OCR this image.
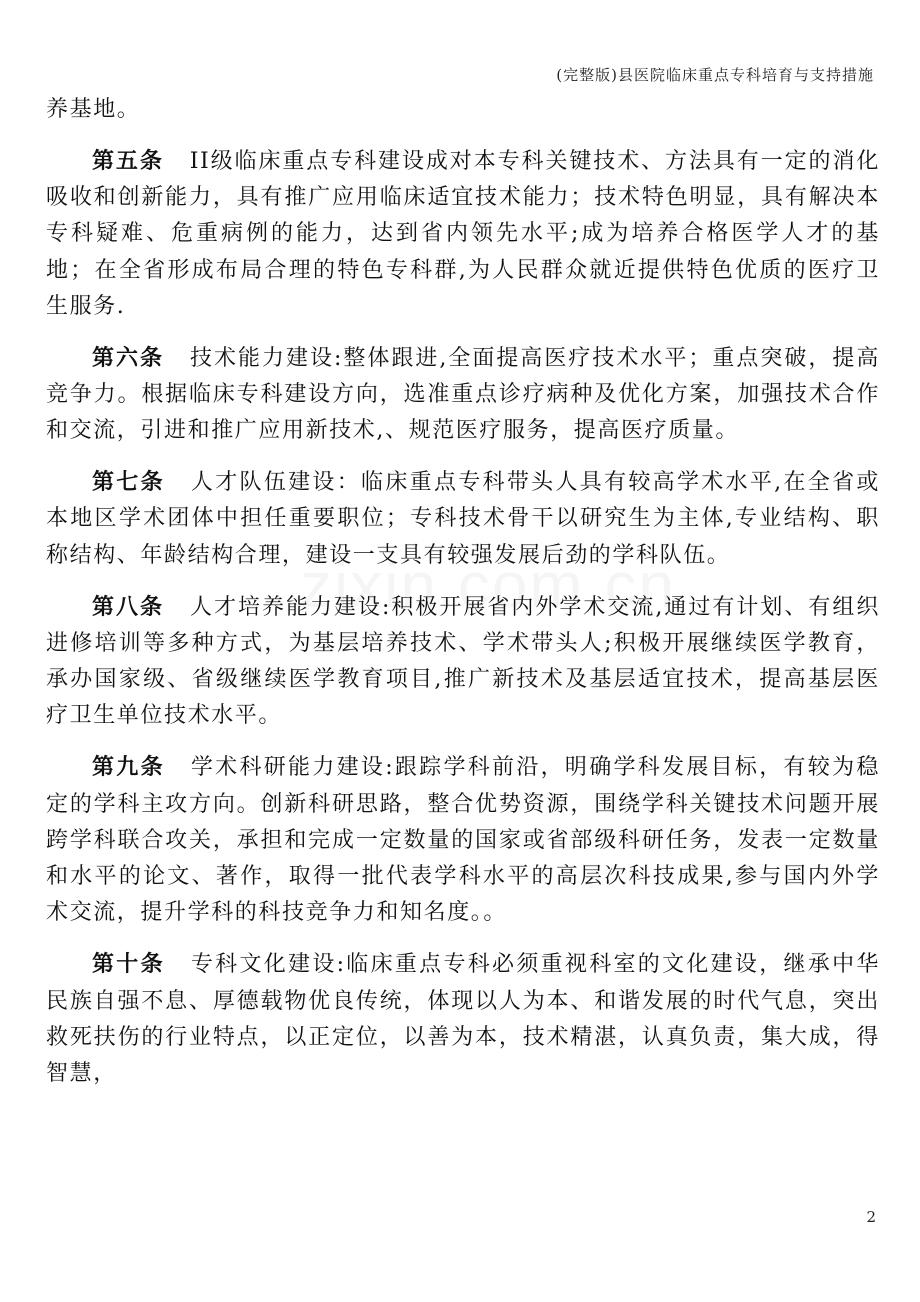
(完整版)县医院临床重点专科培育与支持措施

养基地。

第五条 II级临床重点专科建设成对本专科关键技术、方法具有一定的消化吸收和创新能力，具有推广应用临床适宜技术能力；技术特色明显，具有解决本专科疑难、危重病例的能力，达到省内领先水平;成为培养合格医学人才的基地；在全省形成布局合理的特色专科群,为人民群众就近提供特色优质的医疗卫生服务.

第六条 技术能力建设:整体跟进,全面提高医疗技术水平；重点突破，提高竞争力。根据临床专科建设方向，选准重点诊疗病种及优化方案，加强技术合作和交流，引进和推广应用新技术,、规范医疗服务，提高医疗质量。

第七条 人才队伍建设：临床重点专科带头人具有较高学术水平,在全省或本地区学术团体中担任重要职位；专科技术骨干以研究生为主体,专业结构、职称结构、年龄结构合理，建设一支具有较强发展后劲的学科队伍。

第八条 人才培养能力建设:积极开展省内外学术交流,通过有计划、有组织进修培训等多种方式，为基层培养技术、学术带头人;积极开展继续医学教育，承办国家级、省级继续医学教育项目,推广新技术及基层适宜技术，提高基层医疗卫生单位技术水平。

第九条 学术科研能力建设:跟踪学科前沿，明确学科发展目标，有较为稳定的学科主攻方向。创新科研思路，整合优势资源，围绕学科关键技术问题开展跨学科联合攻关，承担和完成一定数量的国家或省部级科研任务，发表一定数量和水平的论文、著作，取得一批代表学科水平的高层次科技成果,参与国内外学术交流，提升学科的科技竞争力和知名度。。

第十条 专科文化建设:临床重点专科必须重视科室的文化建设，继承中华民族自强不息、厚德载物优良传统，体现以人为本、和谐发展的时代气息，突出救死扶伤的行业特点，以正定位，以善为本，技术精湛，认真负责，集大成，得智慧，

2
